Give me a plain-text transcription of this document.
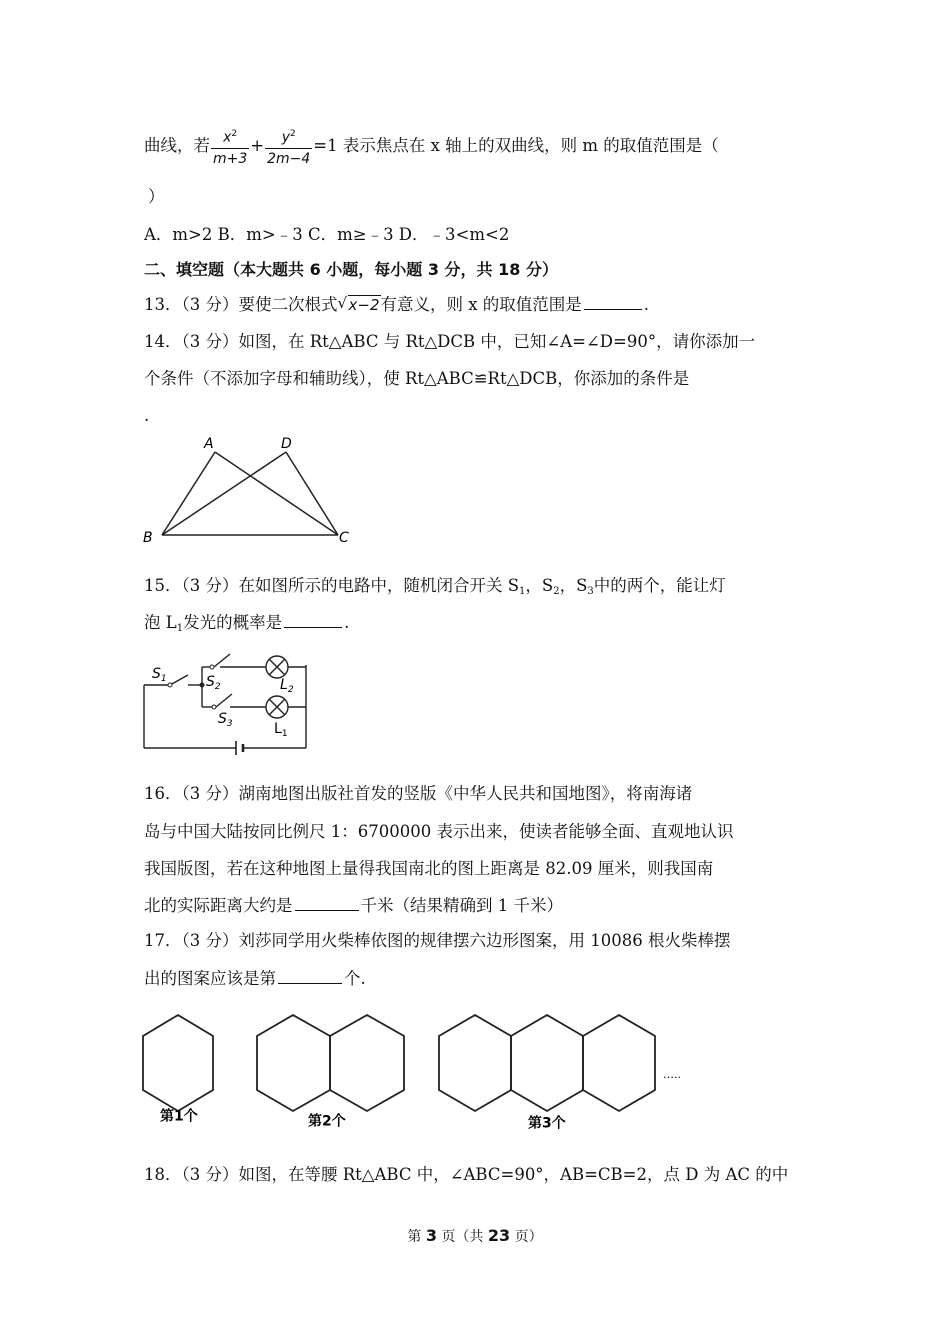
曲线，若 $\frac{x^2}{m+3} + \frac{y^2}{2m-4} =1$ 表示焦点在 x 轴上的双曲线，则 m 的取值范围是（
）
A．m>2 B．m>﹣3 C．m≥﹣3 D．﹣3<m<2
二、填空题（本大题共 6 小题，每小题 3 分，共 18 分）
13．（3 分）要使二次根式√ x−2有意义，则 x 的取值范围是	.
14．（3 分）如图，在 Rt△ABC 与 Rt△DCB 中，已知∠A=∠D=90°，请你添加一
个条件（不添加字母和辅助线），使 Rt△ABC≌Rt△DCB，你添加的条件是
.
A	D
B	C
15．（3 分）在如图所示的电路中，随机闭合开关 $S_1$，$S_2$，$S_3$中的两个，能让灯
泡 $L_1$发光的概率是	.
$S_1$	$S_2$
$S_3$
$L_2$
$L_1$
16．（3 分）湖南地图出版社首发的竖版《中华人民共和国地图》，将南海诸
岛与中国大陆按同比例尺 1：6700000 表示出来，使读者能够全面、直观地认识
我国版图，若在这种地图上量得我国南北的图上距离是 82.09 厘米，则我国南
北的实际距离大约是	千米（结果精确到 1 千米）
17．（3 分）刘莎同学用火柴棒依图的规律摆六边形图案，用 10086 根火柴棒摆
出的图案应该是第	个.
…..
第1个	第2个	第3个
18．（3 分）如图，在等腰 Rt△ABC 中，∠ABC=90°，AB=CB=2，点 D 为 AC 的中
第 3 页（共 23 页）
